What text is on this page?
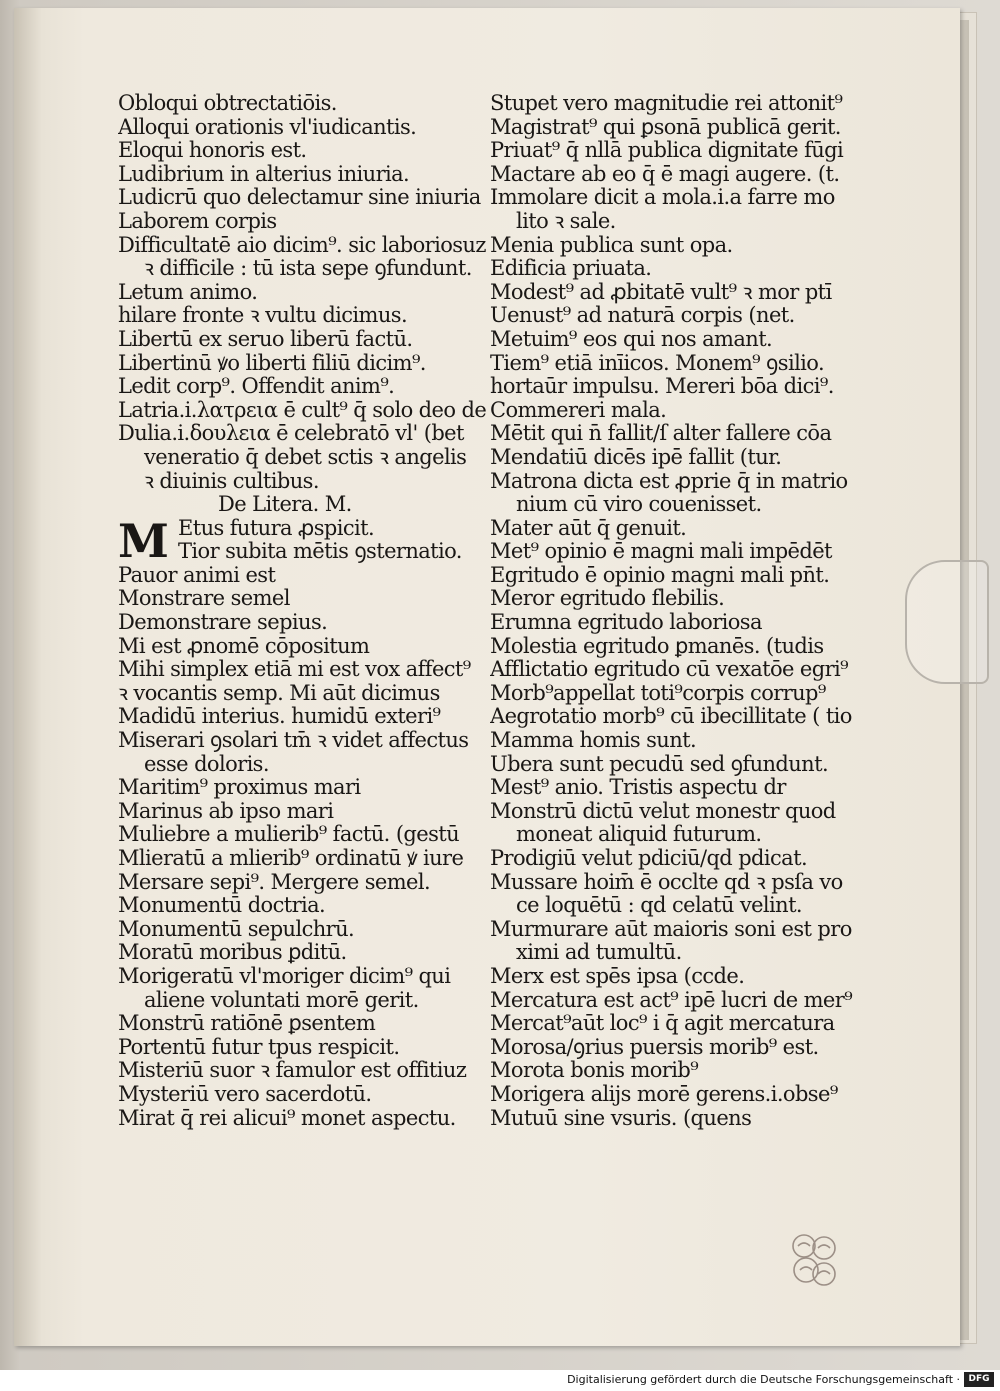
Obloqui obtrectatiōis.
Alloqui orationis vl'iudicantis.
Eloqui honoris est.
Ludibrium in alterius iniuria.
Ludicrū quo delectamur sine iniuria
Laborem corpis
Difficultatē aio dicim⁹. sic laboriosuz
ꝛ difficile : tū ista sepe ꝯfundunt.
Letum animo.
hilare fronte ꝛ vultu dicimus.
Libertū ex seruo liberū factū.
Libertinū ꝟo liberti filiū dicim⁹.
Ledit corp⁹. Offendit anim⁹.
Latria.i.λατρεια ē cult⁹ q̄ solo deo de
Dulia.i.δουλεια ē celebratō vl' (bet
veneratio q̄ debet sctis ꝛ angelis
ꝛ diuinis cultibus.
De Litera. M.
M Etus futura ꝓspicit.
Tior subita mētis ꝯsternatio.
Pauor animi est
Monstrare semel
Demonstrare sepius.
Mi est ꝓnomē cōpositum
Mihi simplex etiā mi est vox affect⁹
ꝛ vocantis semp. Mi aūt dicimus
Madidū interius. humidū exteri⁹
Miserari ꝯsolari tm̄ ꝛ videt affectus
esse doloris.
Maritim⁹ proximus mari
Marinus ab ipso mari
Muliebre a mulierib⁹ factū. (gestū
Mlieratū a mlierib⁹ ordinatū ꝟ iure
Mersare sepi⁹. Mergere semel.
Monumentū doctria.
Monumentū sepulchrū.
Moratū moribus ꝑditū.
Morigeratū vl'moriger dicim⁹ qui
aliene voluntati morē gerit.
Monstrū ratiōnē ꝑsentem
Portentū futur tpus respicit.
Misteriū suor ꝛ famulor est offitiuz
Mysteriū vero sacerdotū.
Mirat q̄ rei alicui⁹ monet aspectu.
Stupet vero magnitudie rei attonit⁹
Magistrat⁹ qui ꝑsonā publicā gerit.
Priuat⁹ q̄ nllā publica dignitate fūgi
Mactare ab eo q̄ ē magi augere. (t.
Immolare dicit a mola.i.a farre mo
lito ꝛ sale.
Menia publica sunt opa.
Edificia priuata.
Modest⁹ ad ꝓbitatē vult⁹ ꝛ mor ptī
Uenust⁹ ad naturā corpis (net.
Metuim⁹ eos qui nos amant.
Tiem⁹ etiā inīicos. Monem⁹ ꝯsilio.
hortaūr impulsu. Mereri bōa dici⁹.
Commereri mala.
Mētit qui n̄ fallit/ſ alter fallere cōa
Mendatiū dicēs ipē fallit (tur.
Matrona dicta est ꝓprie q̄ in matrio
nium cū viro couenisset.
Mater aūt q̄ genuit.
Met⁹ opinio ē magni mali impēdēt
Egritudo ē opinio magni mali pn̄t.
Meror egritudo flebilis.
Erumna egritudo laboriosa
Molestia egritudo ꝑmanēs. (tudis
Afflictatio egritudo cū vexatōe egri⁹
Morb⁹appellat toti⁹corpis corrup⁹
Aegrotatio morb⁹ cū ibecillitate ( tio
Mamma homis sunt.
Ubera sunt pecudū sed ꝯfundunt.
Mest⁹ anio. Tristis aspectu dr
Monstrū dictū velut monestr quod
moneat aliquid futurum.
Prodigiū velut pdiciū/qd̄ pdicat.
Mussare hoim̄ ē occlte qd̄ ꝛ psſa vo
ce loquētū : qd̄ celatū velint.
Murmurare aūt maioris soni est pro
ximi ad tumultū.
Merx est spēs ipsa (ccde.
Mercatura est act⁹ ipē lucri de mer⁹
Mercat⁹aūt loc⁹ i q̄ agit mercatura
Morosa/ꝯrius puersis morib⁹ est.
Morota bonis morib⁹
Morigera alijs morē gerens.i.obse⁹
Mutuū sine vsuris. (quens
Digitalisierung gefördert durch die Deutsche Forschungsgemeinschaft · DFG
